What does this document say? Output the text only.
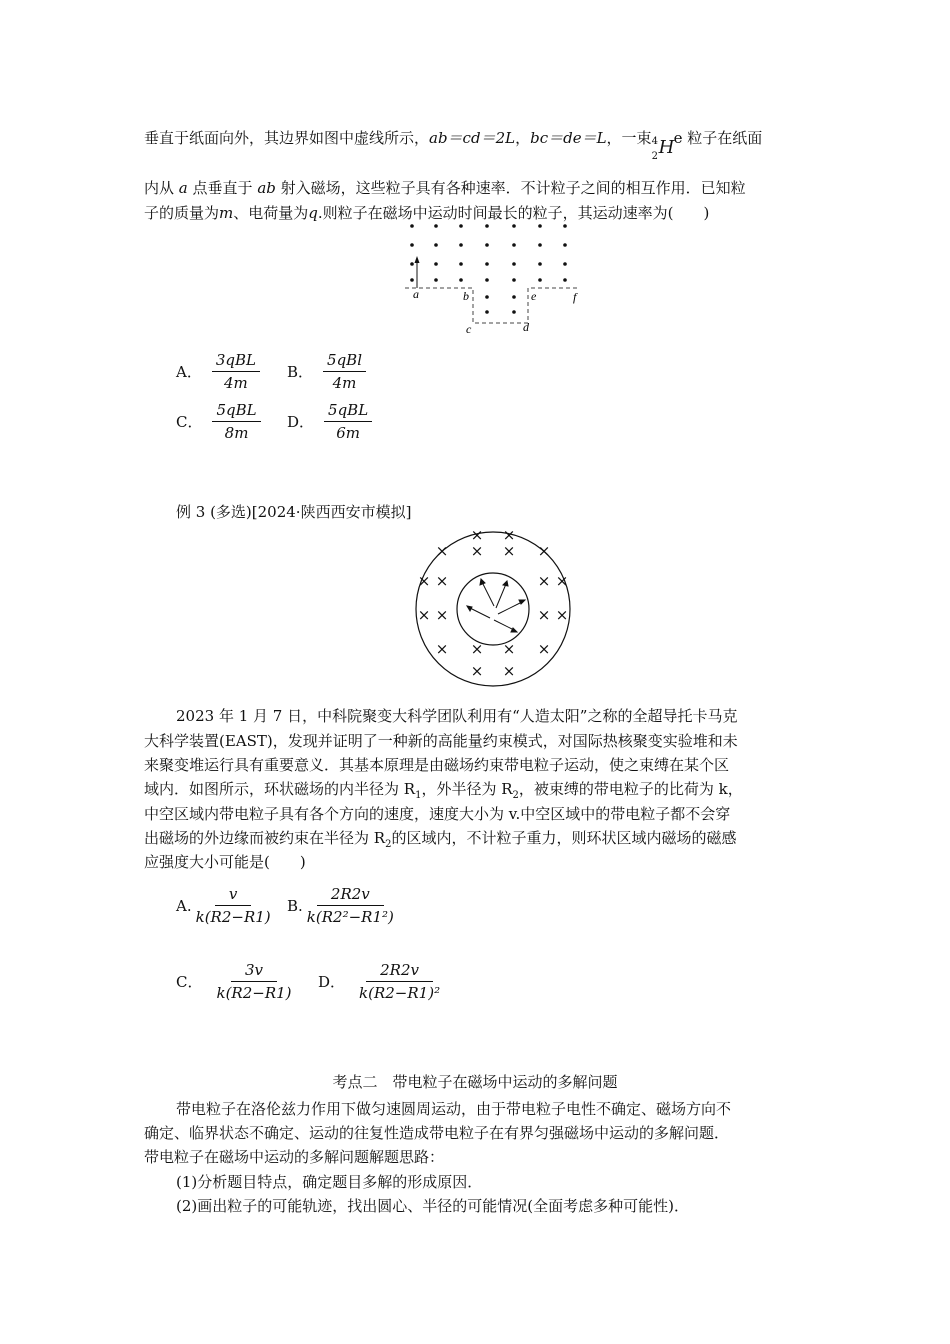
垂直于纸面向外，其边界如图中虚线所示，ab＝cd＝2L，bc＝de＝L，一束 4
2 H e 粒子在纸面
内从 a 点垂直于 ab 射入磁场，这些粒子具有各种速率．不计粒子之间的相互作用．已知粒
子的质量为m、电荷量为q.则粒子在磁场中运动时间最长的粒子，其运动速率为(　　)
a	b
c	d
e	f
A． $\frac{\text{3qBL}}{4m}$ B． $\frac{\text{5qBl}}{4m}$
C． $\frac{\text{5qBL}}{8m}$ D． $\frac{\text{5qBL}}{6m}$
例 3 (多选)[2024·陕西西安市模拟]
× ×
× × × ×
× ×	× ×
× ×	× ×
× × × ×
× ×
2023 年 1 月 7 日，中科院聚变大科学团队利用有“人造太阳”之称的全超导托卡马克
大科学装置(EAST)，发现并证明了一种新的高能量约束模式，对国际热核聚变实验堆和未
来聚变堆运行具有重要意义．其基本原理是由磁场约束带电粒子运动，使之束缚在某个区
域内．如图所示，环状磁场的内半径为 $R_1$，外半径为 $R_2$，被束缚的带电粒子的比荷为 k，
中空区域内带电粒子具有各个方向的速度，速度大小为 v.中空区域中的带电粒子都不会穿
出磁场的外边缘而被约束在半径为 $R_2$的区域内，不计粒子重力，则环状区域内磁场的磁感
应强度大小可能是(　　)
A. $\frac{v}{k(R2-R1)} B$. $\frac{2R2v}{\text{k(R2²−R1²)}}$
C． $\frac{3v}{k(R2-R1)}$ D． $\frac{2R2v}{\text{k(R2−R1)²}}$
考点二　带电粒子在磁场中运动的多解问题
带电粒子在洛伦兹力作用下做匀速圆周运动，由于带电粒子电性不确定、磁场方向不
确定、临界状态不确定、运动的往复性造成带电粒子在有界匀强磁场中运动的多解问题．
带电粒子在磁场中运动的多解问题解题思路：
(1)分析题目特点，确定题目多解的形成原因．
(2)画出粒子的可能轨迹，找出圆心、半径的可能情况(全面考虑多种可能性)．
